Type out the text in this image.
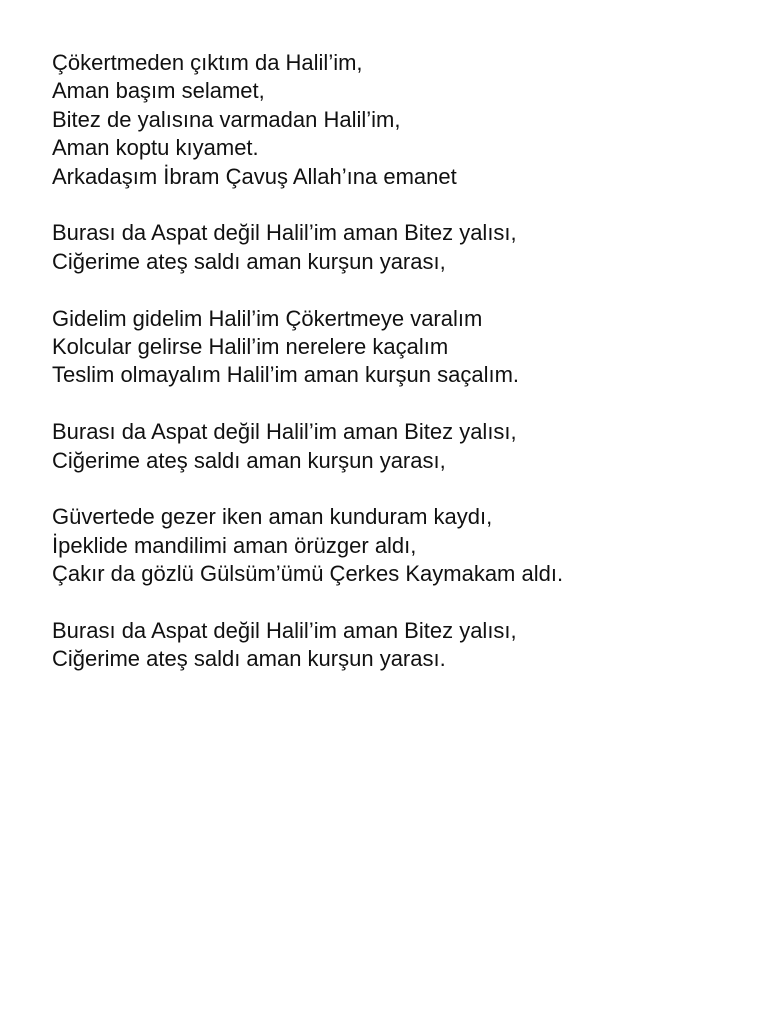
Çökertmeden çıktım da Halil’im,
Aman başım selamet,
Bitez de yalısına varmadan Halil’im,
Aman koptu kıyamet.
Arkadaşım İbram Çavuş Allah’ına emanet
Burası da Aspat değil Halil’im aman Bitez yalısı,
Ciğerime ateş saldı aman kurşun yarası,
Gidelim gidelim Halil’im Çökertmeye varalım
Kolcular gelirse Halil’im nerelere kaçalım
Teslim olmayalım Halil’im aman kurşun saçalım.
Burası da Aspat değil Halil’im aman Bitez yalısı,
Ciğerime ateş saldı aman kurşun yarası,
Güvertede gezer iken aman kunduram kaydı,
İpeklide mandilimi aman örüzger aldı,
Çakır da gözlü Gülsüm’ümü Çerkes Kaymakam aldı.
Burası da Aspat değil Halil’im aman Bitez yalısı,
Ciğerime ateş saldı aman kurşun yarası.
